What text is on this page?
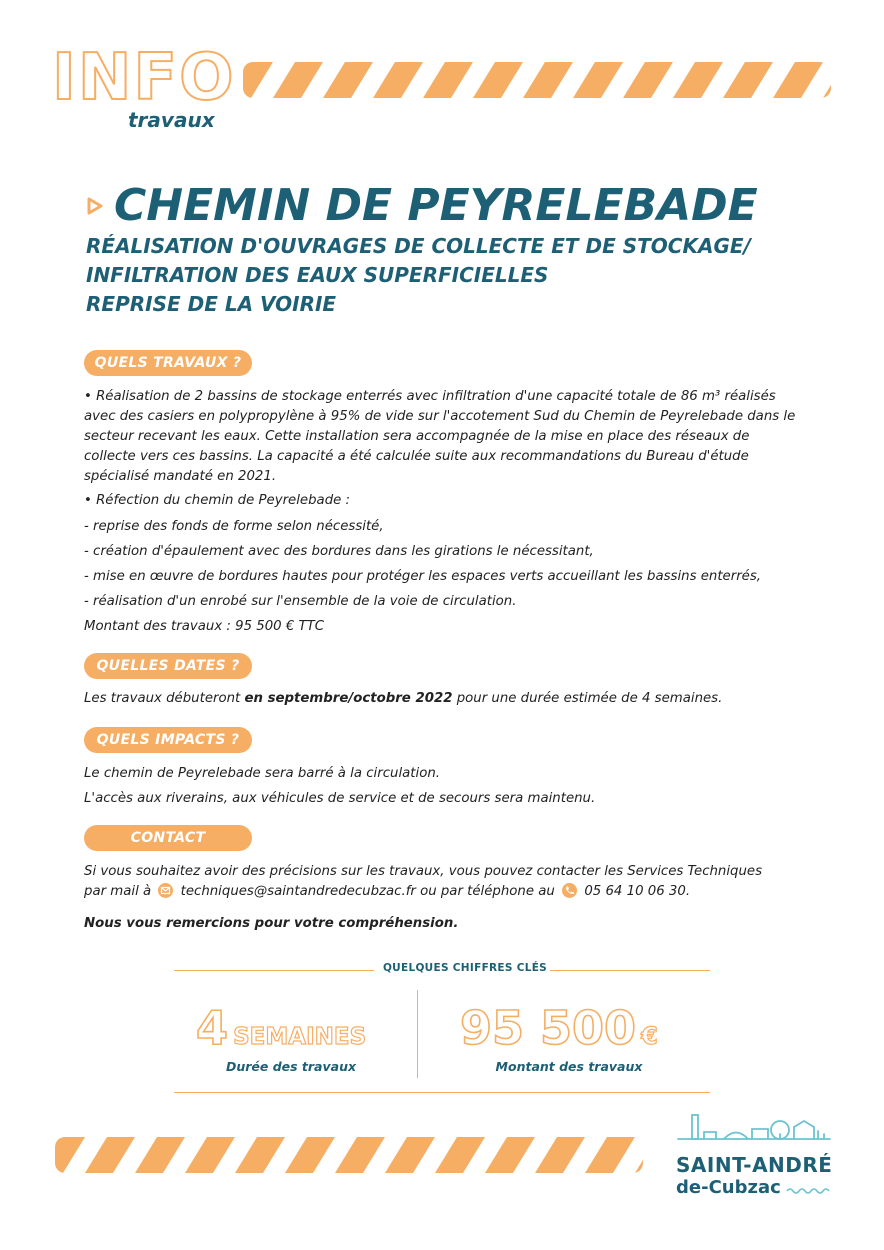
INFO
travaux
CHEMIN DE PEYRELEBADE
RÉALISATION D'OUVRAGES DE COLLECTE ET DE STOCKAGE/
INFILTRATION DES EAUX SUPERFICIELLES
REPRISE DE LA VOIRIE
QUELS TRAVAUX ?
• Réalisation de 2 bassins de stockage enterrés avec infiltration d'une capacité totale de 86 m³ réalisés avec des casiers en polypropylène à 95% de vide sur l'accotement Sud du Chemin de Peyrelebade dans le secteur recevant les eaux. Cette installation sera accompagnée de la mise en place des réseaux de collecte vers ces bassins. La capacité a été calculée suite aux recommandations du Bureau d'étude spécialisé mandaté en 2021.
• Réfection du chemin de Peyrelebade :
- reprise des fonds de forme selon nécessité,
- création d'épaulement avec des bordures dans les girations le nécessitant,
- mise en œuvre de bordures hautes pour protéger les espaces verts accueillant les bassins enterrés,
- réalisation d'un enrobé sur l'ensemble de la voie de circulation.
Montant des travaux : 95 500 € TTC
QUELLES DATES ?
Les travaux débuteront en septembre/octobre 2022 pour une durée estimée de 4 semaines.
QUELS IMPACTS ?
Le chemin de Peyrelebade sera barré à la circulation.
L'accès aux riverains, aux véhicules de service et de secours sera maintenu.
CONTACT
Si vous souhaitez avoir des précisions sur les travaux, vous pouvez contacter les Services Techniques
par mail à techniques@saintandredecubzac.fr ou par téléphone au 05 64 10 06 30.
Nous vous remercions pour votre compréhension.
QUELQUES CHIFFRES CLÉS
4 SEMAINES
Durée des travaux
95 500 €
Montant des travaux
SAINT-ANDRÉ
de-Cubzac
